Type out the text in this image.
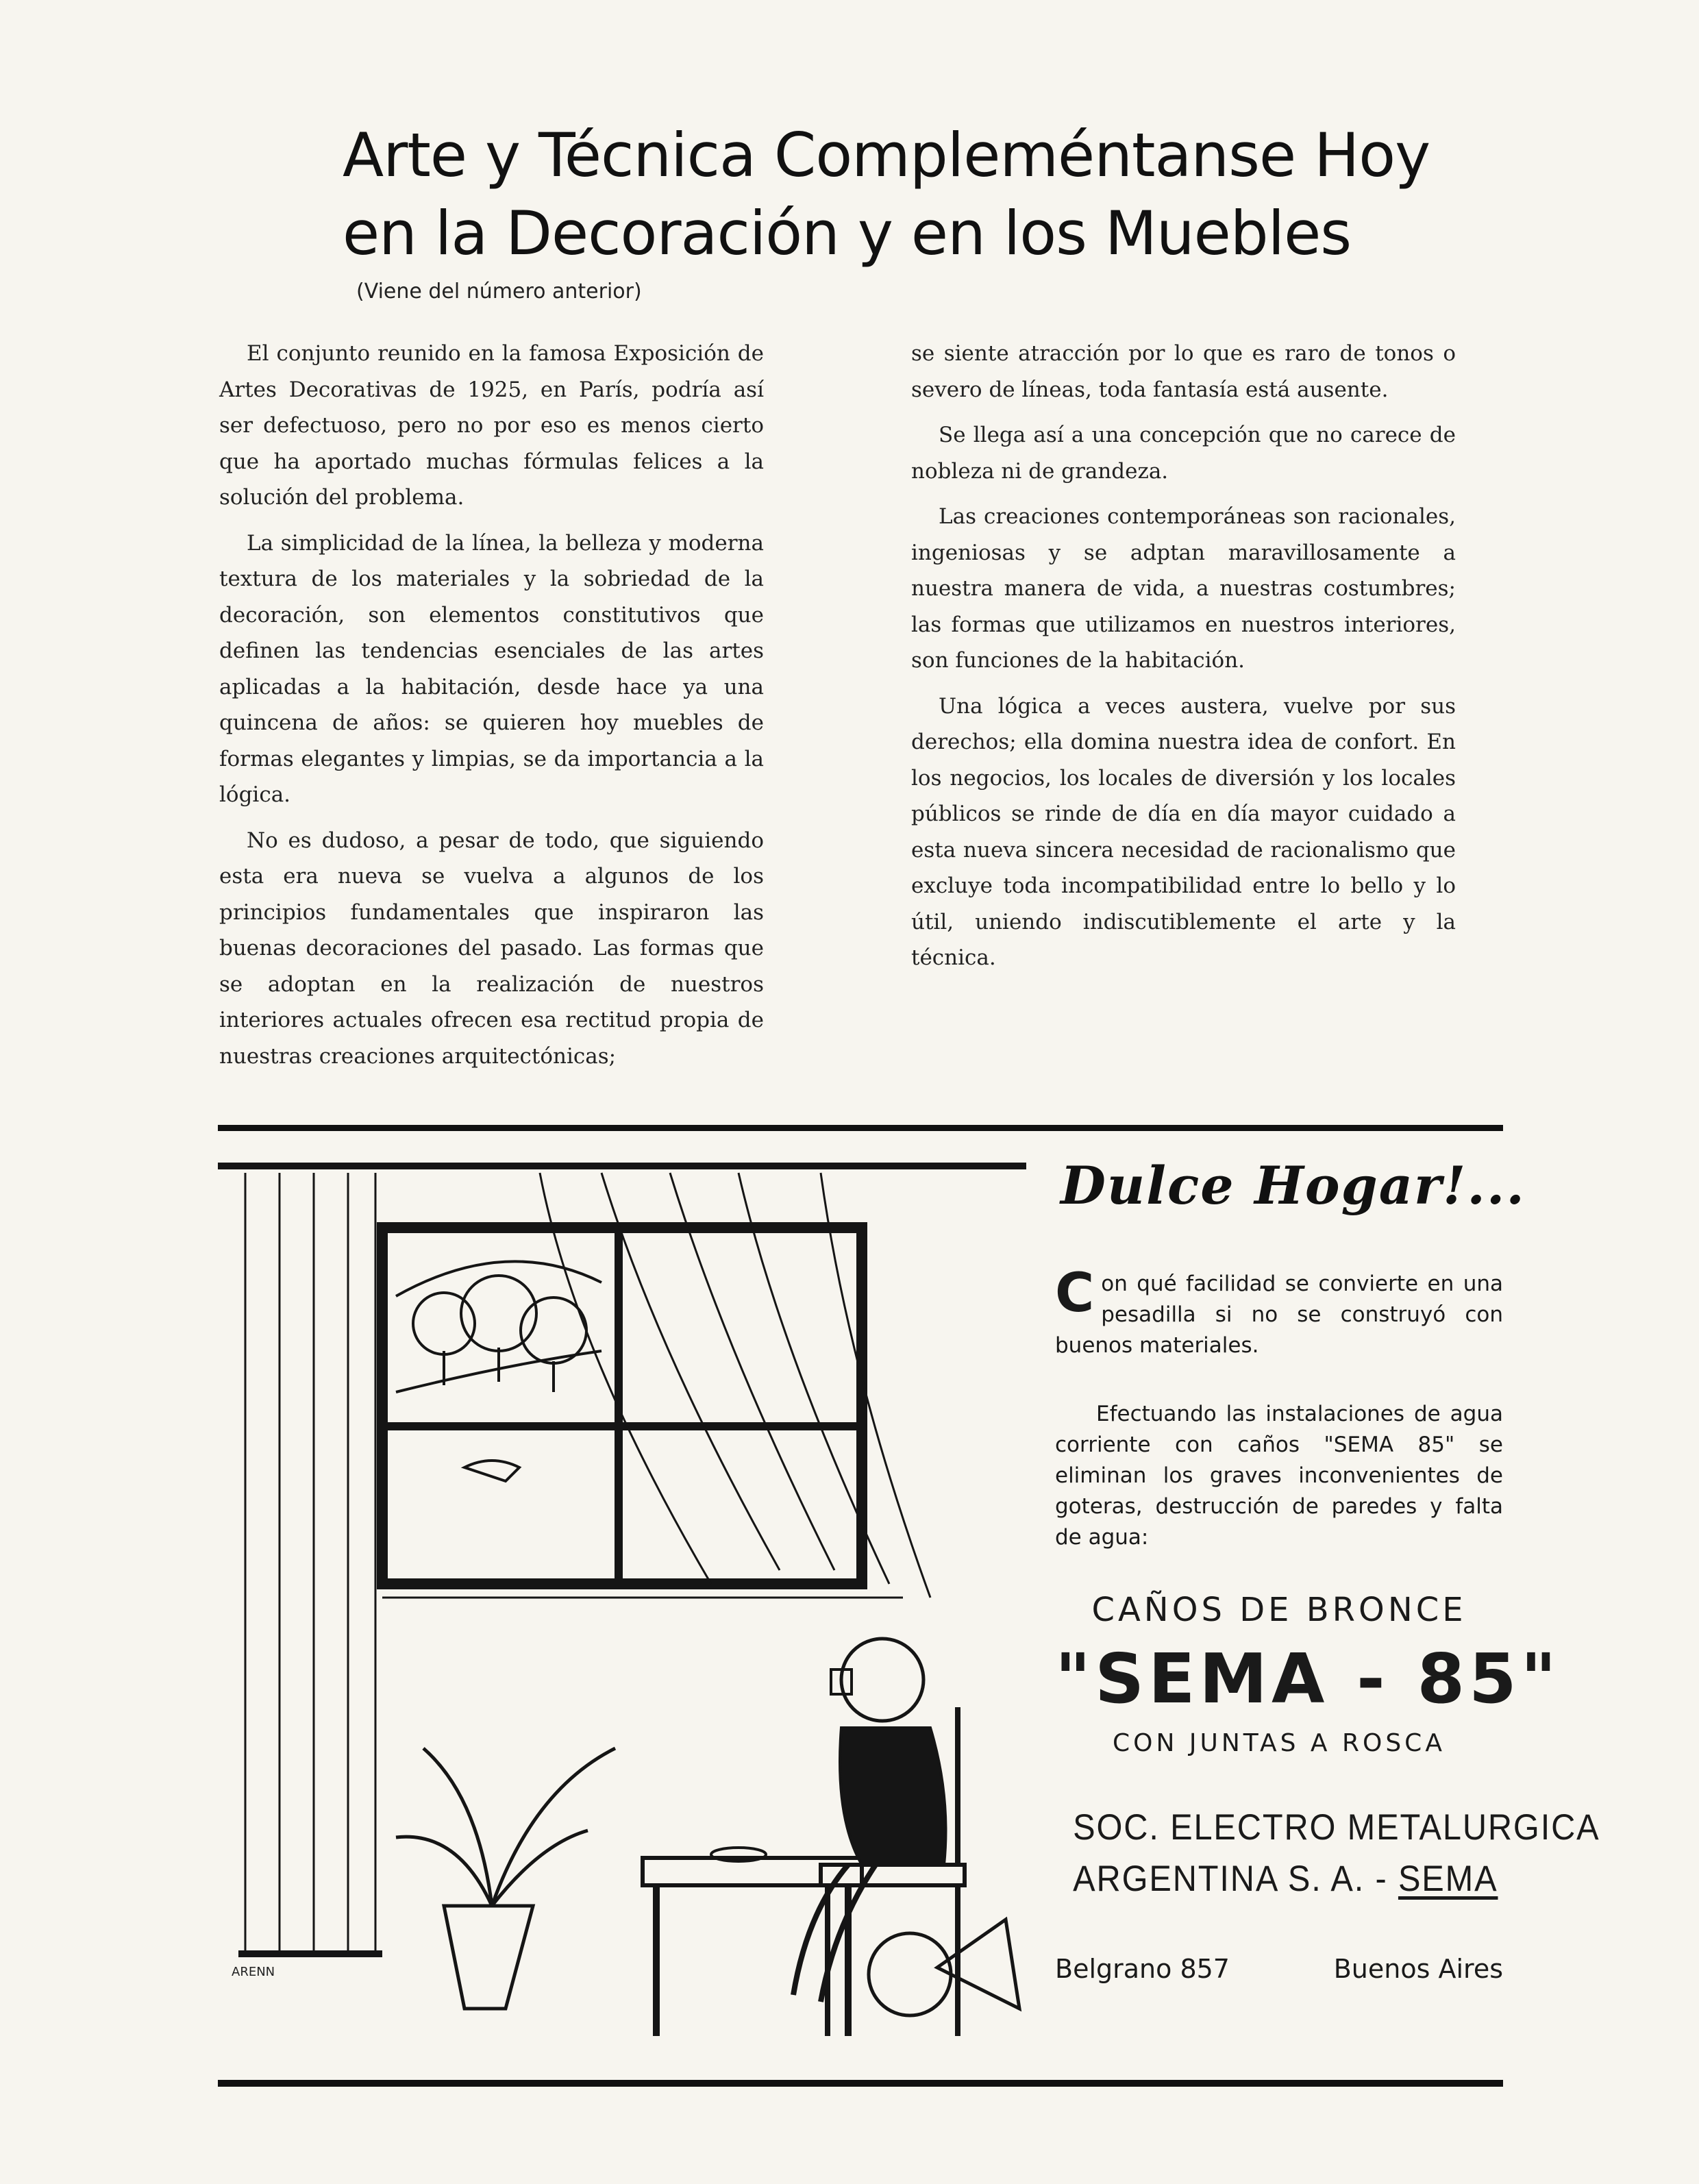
Arte y Técnica Compleméntanse Hoy
en la Decoración y en los Muebles
(Viene del número anterior)

El conjunto reunido en la famosa Exposición de Artes Decorativas de 1925, en París, podría así ser defectuoso, pero no por eso es menos cierto que ha aportado muchas fórmulas felices a la solución del problema.

La simplicidad de la línea, la belleza y moderna textura de los materiales y la sobriedad de la decoración, son elementos constitutivos que definen las tendencias esenciales de las artes aplicadas a la habitación, desde hace ya una quincena de años: se quieren hoy muebles de formas elegantes y limpias, se da importancia a la lógica.

No es dudoso, a pesar de todo, que siguiendo esta era nueva se vuelva a algunos de los principios fundamentales que inspiraron las buenas decoraciones del pasado. Las formas que se adoptan en la realización de nuestros interiores actuales ofrecen esa rectitud propia de nuestras creaciones arquitectónicas;

se siente atracción por lo que es raro de tonos o severo de líneas, toda fantasía está ausente.

Se llega así a una concepción que no carece de nobleza ni de grandeza.

Las creaciones contemporáneas son racionales, ingeniosas y se adptan maravillosamente a nuestra manera de vida, a nuestras costumbres; las formas que utilizamos en nuestros interiores, son funciones de la habitación.

Una lógica a veces austera, vuelve por sus derechos; ella domina nuestra idea de confort. En los negocios, los locales de diversión y los locales públicos se rinde de día en día mayor cuidado a esta nueva sincera necesidad de racionalismo que excluye toda incompatibilidad entre lo bello y lo útil, uniendo indiscutiblemente el arte y la técnica.

ARENN
Dulce Hogar!...
Con qué facilidad se convierte en una pesadilla si no se construyó con buenos materiales.
Efectuando las instalaciones de agua corriente con caños "SEMA 85" se eliminan los graves inconvenientes de goteras, destrucción de paredes y falta de agua:
CAÑOS DE BRONCE
"SEMA - 85"
CON JUNTAS A ROSCA
SOC. ELECTRO METALURGICA
ARGENTINA S. A. - SEMA
Belgrano 857	Buenos Aires
